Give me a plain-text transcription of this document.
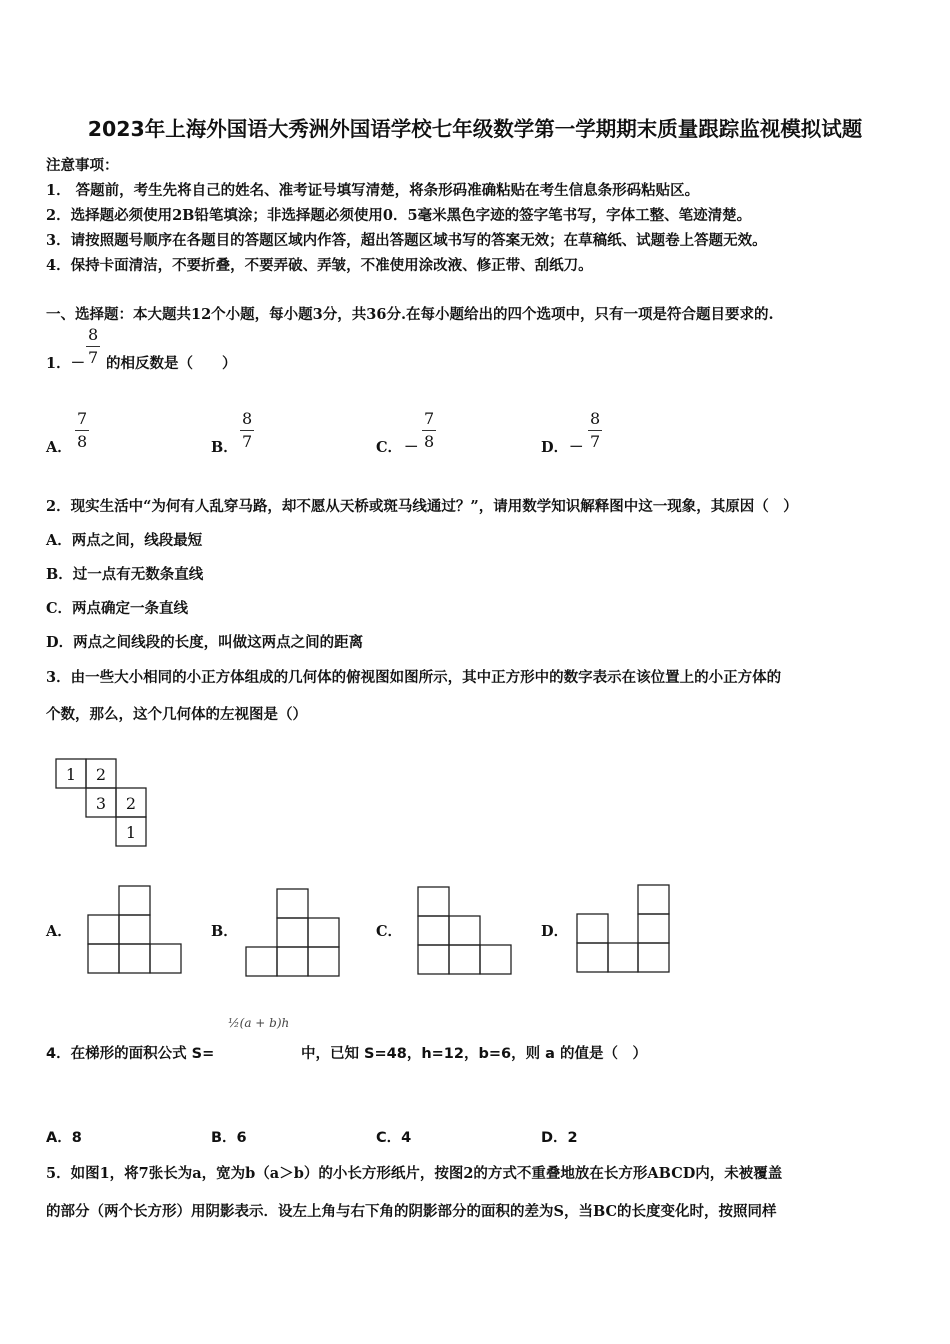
2023年上海外国语大秀洲外国语学校七年级数学第一学期期末质量跟踪监视模拟试题
注意事项：
1． 答题前，考生先将自己的姓名、准考证号填写清楚，将条形码准确粘贴在考生信息条形码粘贴区。
2．选择题必须使用2B铅笔填涂；非选择题必须使用0．5毫米黑色字迹的签字笔书写，字体工整、笔迹清楚。
3．请按照题号顺序在各题目的答题区域内作答，超出答题区域书写的答案无效；在草稿纸、试题卷上答题无效。
4．保持卡面清洁，不要折叠，不要弄破、弄皱，不准使用涂改液、修正带、刮纸刀。
一、选择题：本大题共12个小题，每小题3分，共36分.在每小题给出的四个选项中，只有一项是符合题目要求的.
1．－ $\frac{8}{7}$ 的相反数是（　　）
A． $\frac{7}{8}$	B． $\frac{8}{7}$	C． － $\frac{7}{8}$	D． － $\frac{8}{7}$
2．现实生活中“为何有人乱穿马路，却不愿从天桥或斑马线通过？”，请用数学知识解释图中这一现象，其原因（　）
A．两点之间，线段最短
B．过一点有无数条直线
C．两点确定一条直线
D．两点之间线段的长度，叫做这两点之间的距离
3．由一些大小相同的小正方体组成的几何体的俯视图如图所示，其中正方形中的数字表示在该位置上的小正方体的
个数，那么，这个几何体的左视图是（）
1 2
3 2
1
A．	B．	C．	D．
4．在梯形的面积公式 S=
½(a + b)h
中，已知 S=48，h=12，b=6，则 a 的值是（　）
A．8	B．6	C．4	D．2
5．如图1，将7张长为a，宽为b（a＞b）的小长方形纸片，按图2的方式不重叠地放在长方形ABCD内，未被覆盖
的部分（两个长方形）用阴影表示．设左上角与右下角的阴影部分的面积的差为S，当BC的长度变化时，按照同样
